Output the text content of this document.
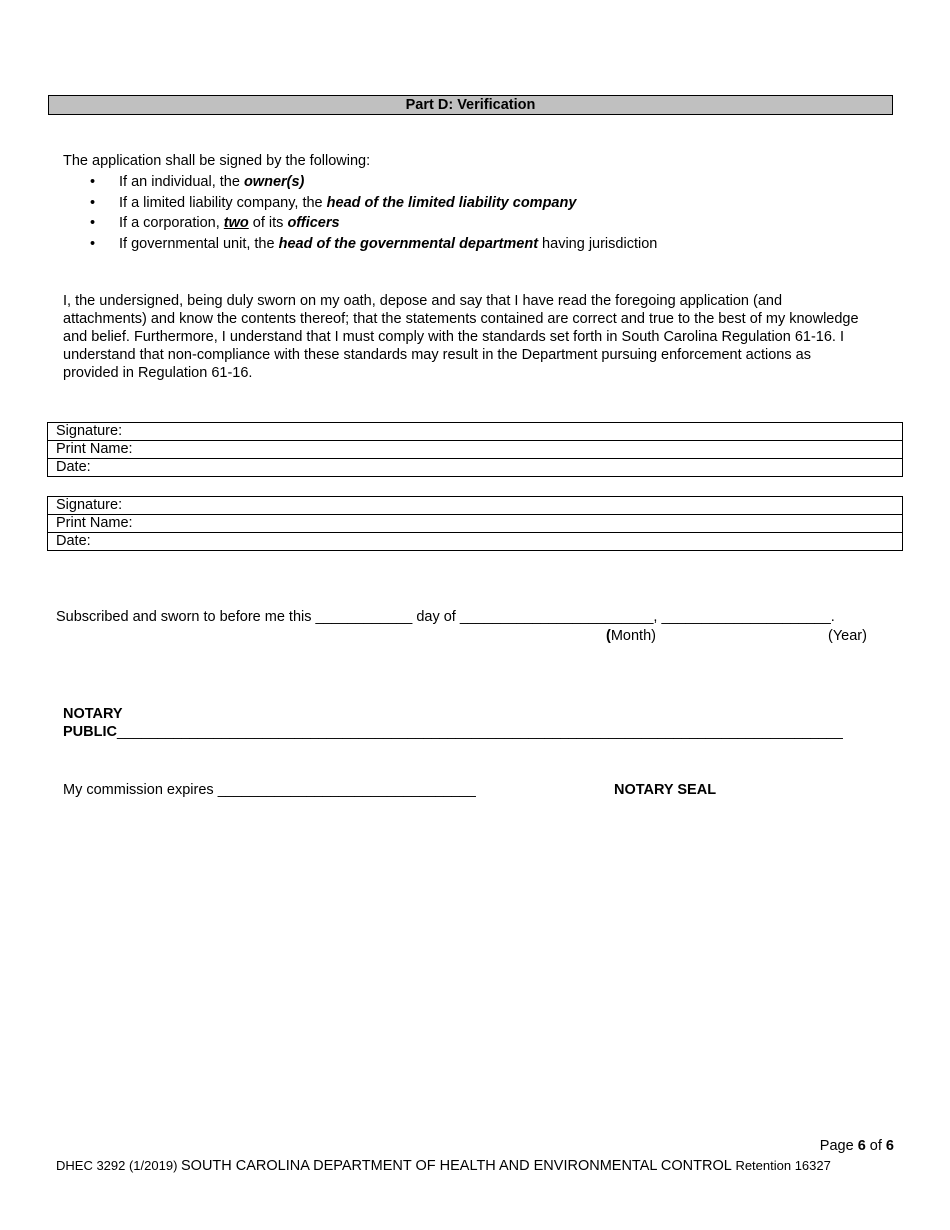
Part D: Verification
The application shall be signed by the following:
• If an individual, the owner(s)
• If a limited liability company, the head of the limited liability company
• If a corporation, two of its officers
• If governmental unit, the head of the governmental department having jurisdiction
I, the undersigned, being duly sworn on my oath, depose and say that I have read the foregoing application (and attachments) and know the contents thereof; that the statements contained are correct and true to the best of my knowledge and belief. Furthermore, I understand that I must comply with the standards set forth in South Carolina Regulation 61-16. I understand that non-compliance with these standards may result in the Department pursuing enforcement actions as provided in Regulation 61-16.
Signature:
Print Name:
Date:
Signature:
Print Name:
Date:
Subscribed and sworn to before me this ____________ day of ________________________, _____________________.
(Month)	(Year)
NOTARY
PUBLIC__________________________________________________________________________________________
My commission expires ________________________________	NOTARY SEAL
Page 6 of 6
DHEC 3292 (1/2019) SOUTH CAROLINA DEPARTMENT OF HEALTH AND ENVIRONMENTAL CONTROL Retention 16327
